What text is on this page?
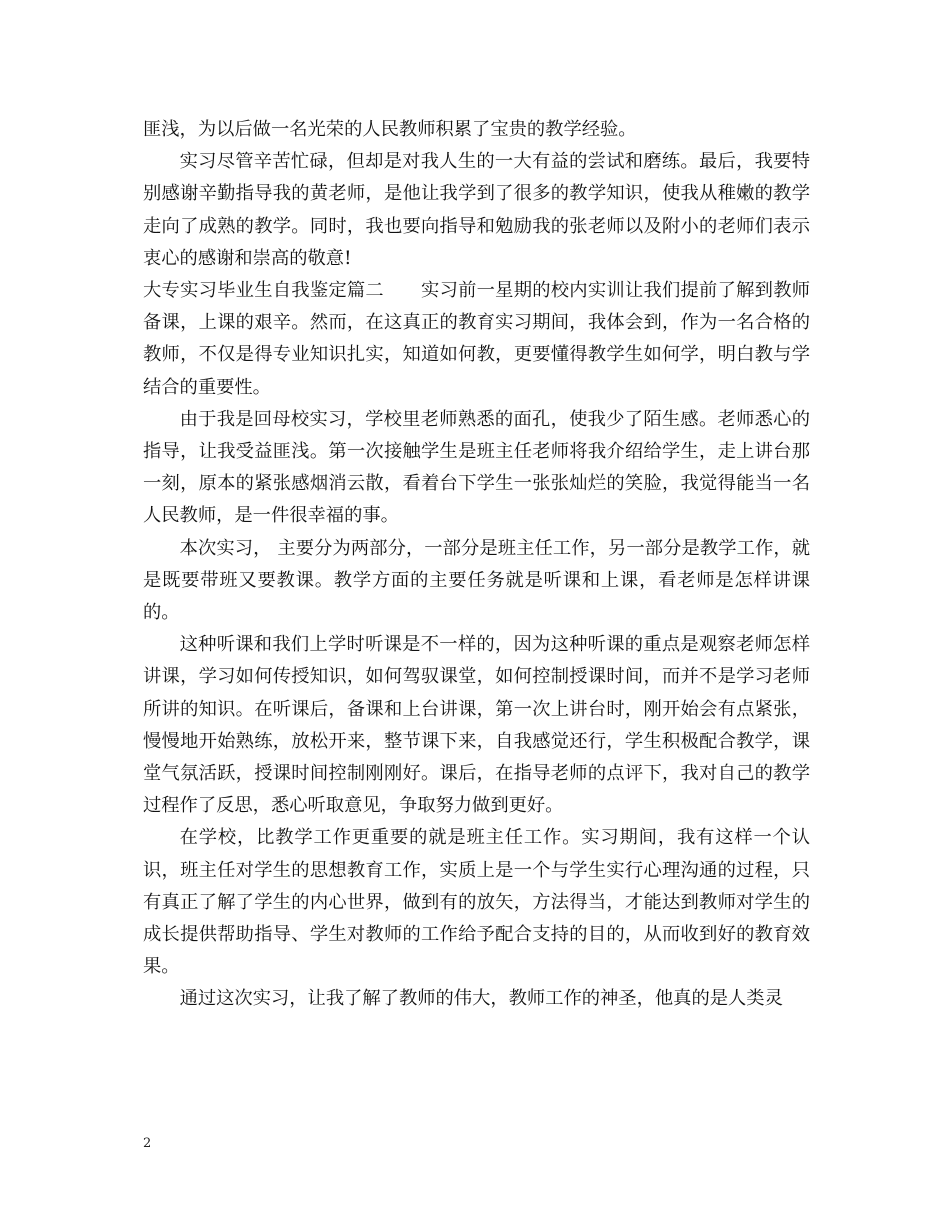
匪浅，为以后做一名光荣的人民教师积累了宝贵的教学经验。

实习尽管辛苦忙碌，但却是对我人生的一大有益的尝试和磨练。最后，我要特别感谢辛勤指导我的黄老师，是他让我学到了很多的教学知识，使我从稚嫩的教学走向了成熟的教学。同时，我也要向指导和勉励我的张老师以及附小的老师们表示衷心的感谢和崇高的敬意!

大专实习毕业生自我鉴定篇二　　 实习前一星期的校内实训让我们提前了解到教师备课，上课的艰辛。然而，在这真正的教育实习期间，我体会到，作为一名合格的教师，不仅是得专业知识扎实，知道如何教，更要懂得教学生如何学，明白教与学结合的重要性。

由于我是回母校实习，学校里老师熟悉的面孔，使我少了陌生感。老师悉心的指导，让我受益匪浅。第一次接触学生是班主任老师将我介绍给学生，走上讲台那一刻，原本的紧张感烟消云散，看着台下学生一张张灿烂的笑脸，我觉得能当一名人民教师，是一件很幸福的事。

本次实习， 主要分为两部分，一部分是班主任工作，另一部分是教学工作，就是既要带班又要教课。教学方面的主要任务就是听课和上课，看老师是怎样讲课的。

这种听课和我们上学时听课是不一样的，因为这种听课的重点是观察老师怎样讲课，学习如何传授知识，如何驾驭课堂，如何控制授课时间，而并不是学习老师所讲的知识。在听课后，备课和上台讲课，第一次上讲台时，刚开始会有点紧张，慢慢地开始熟练，放松开来，整节课下来，自我感觉还行，学生积极配合教学，课堂气氛活跃，授课时间控制刚刚好。课后，在指导老师的点评下，我对自己的教学过程作了反思，悉心听取意见，争取努力做到更好。

在学校，比教学工作更重要的就是班主任工作。实习期间，我有这样一个认识，班主任对学生的思想教育工作，实质上是一个与学生实行心理沟通的过程，只有真正了解了学生的内心世界，做到有的放矢，方法得当，才能达到教师对学生的成长提供帮助指导、学生对教师的工作给予配合支持的目的，从而收到好的教育效果。

通过这次实习，让我了解了教师的伟大，教师工作的神圣，他真的是人类灵

2
